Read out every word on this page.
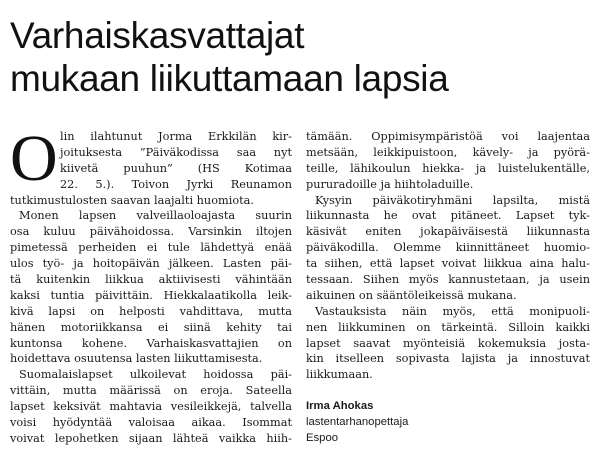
Varhaiskasvattajat
mukaan liikuttamaan lapsia
O lin ilahtunut Jorma Erkkilän kir-
joituksesta ”Päiväkodissa saa nyt
kiivetä puuhun” (HS Kotimaa
22. 5.). Toivon Jyrki Reunamon
tutkimustulosten saavan laajalti huomiota.
Monen lapsen valveillaoloajasta suurin
osa kuluu päivähoidossa. Varsinkin iltojen
pimetessä perheiden ei tule lähdettyä enää
ulos työ- ja hoitopäivän jälkeen. Lasten päi-
tä kuitenkin liikkua aktiivisesti vähintään
kaksi tuntia päivittäin. Hiekkalaatikolla leik-
kivä lapsi on helposti vahdittava, mutta
hänen motoriikkansa ei siinä kehity tai
kuntonsa kohene. Varhaiskasvattajien on
hoidettava osuutensa lasten liikuttamisesta.
Suomalaislapset ulkoilevat hoidossa päi-
vittäin, mutta määrissä on eroja. Sateella
lapset keksivät mahtavia vesileikkejä, talvella
voisi hyödyntää valoisaa aikaa. Isommat
voivat lepohetken sijaan lähteä vaikka hiih-
tämään. Oppimisympäristöä voi laajentaa
metsään, leikkipuistoon, kävely- ja pyörä-
teille, lähikoulun hiekka- ja luistelukentälle,
pururadoille ja hiihtoladuille.
Kysyin päiväkotiryhmäni lapsilta, mistä
liikunnasta he ovat pitäneet. Lapset tyk-
käsivät eniten jokapäiväisestä liikunnasta
päiväkodilla. Olemme kiinnittäneet huomio-
ta siihen, että lapset voivat liikkua aina halu-
tessaan. Siihen myös kannustetaan, ja usein
aikuinen on sääntöleikeissä mukana.
Vastauksista näin myös, että monipuoli-
nen liikkuminen on tärkeintä. Silloin kaikki
lapset saavat myönteisiä kokemuksia josta-
kin itselleen sopivasta lajista ja innostuvat
liikkumaan.
Irma Ahokas
lastentarhanopettaja
Espoo
